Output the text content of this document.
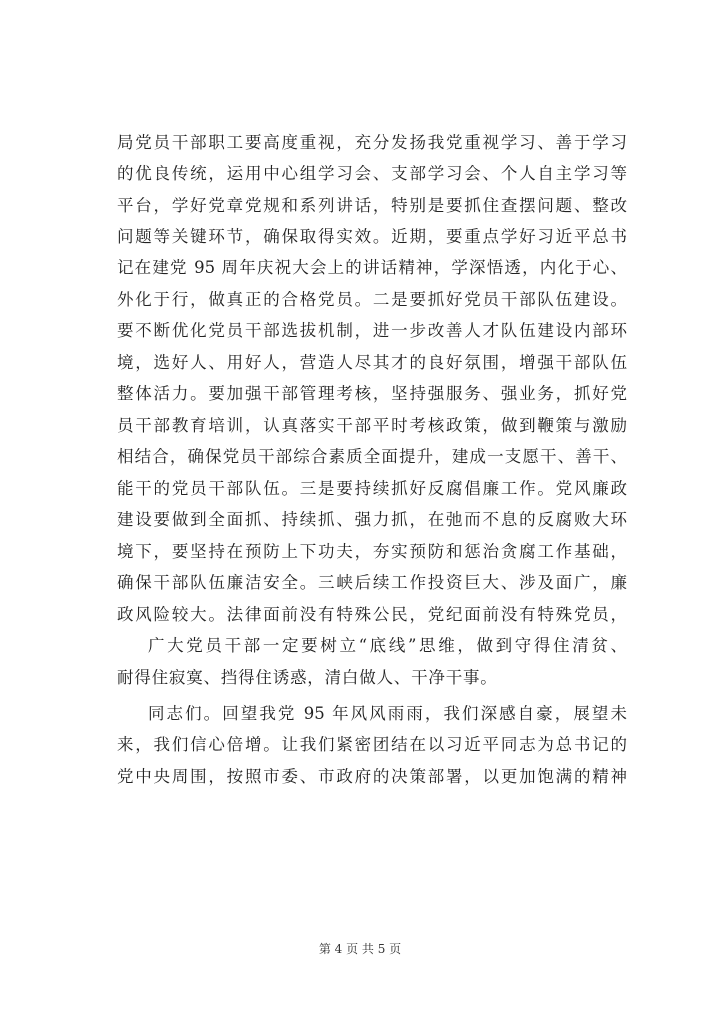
局党员干部职工要高度重视，充分发扬我党重视学习、善于学习
的优良传统，运用中心组学习会、支部学习会、个人自主学习等
平台，学好党章党规和系列讲话，特别是要抓住查摆问题、整改
问题等关键环节，确保取得实效。近期，要重点学好习近平总书
记在建党 95 周年庆祝大会上的讲话精神，学深悟透，内化于心、
外化于行，做真正的合格党员。二是要抓好党员干部队伍建设。
要不断优化党员干部选拔机制，进一步改善人才队伍建设内部环
境，选好人、用好人，营造人尽其才的良好氛围，增强干部队伍
整体活力。要加强干部管理考核，坚持强服务、强业务，抓好党
员干部教育培训，认真落实干部平时考核政策，做到鞭策与激励
相结合，确保党员干部综合素质全面提升，建成一支愿干、善干、
能干的党员干部队伍。三是要持续抓好反腐倡廉工作。党风廉政
建设要做到全面抓、持续抓、强力抓，在弛而不息的反腐败大环
境下，要坚持在预防上下功夫，夯实预防和惩治贪腐工作基础，
确保干部队伍廉洁安全。三峡后续工作投资巨大、涉及面广，廉
政风险较大。法律面前没有特殊公民，党纪面前没有特殊党员，
广大党员干部一定要树立“底线”思维，做到守得住清贫、
耐得住寂寞、挡得住诱惑，清白做人、干净干事。
同志们。回望我党 95 年风风雨雨，我们深感自豪，展望未
来，我们信心倍增。让我们紧密团结在以习近平同志为总书记的
党中央周围，按照市委、市政府的决策部署，以更加饱满的精神
第 4 页 共 5 页
